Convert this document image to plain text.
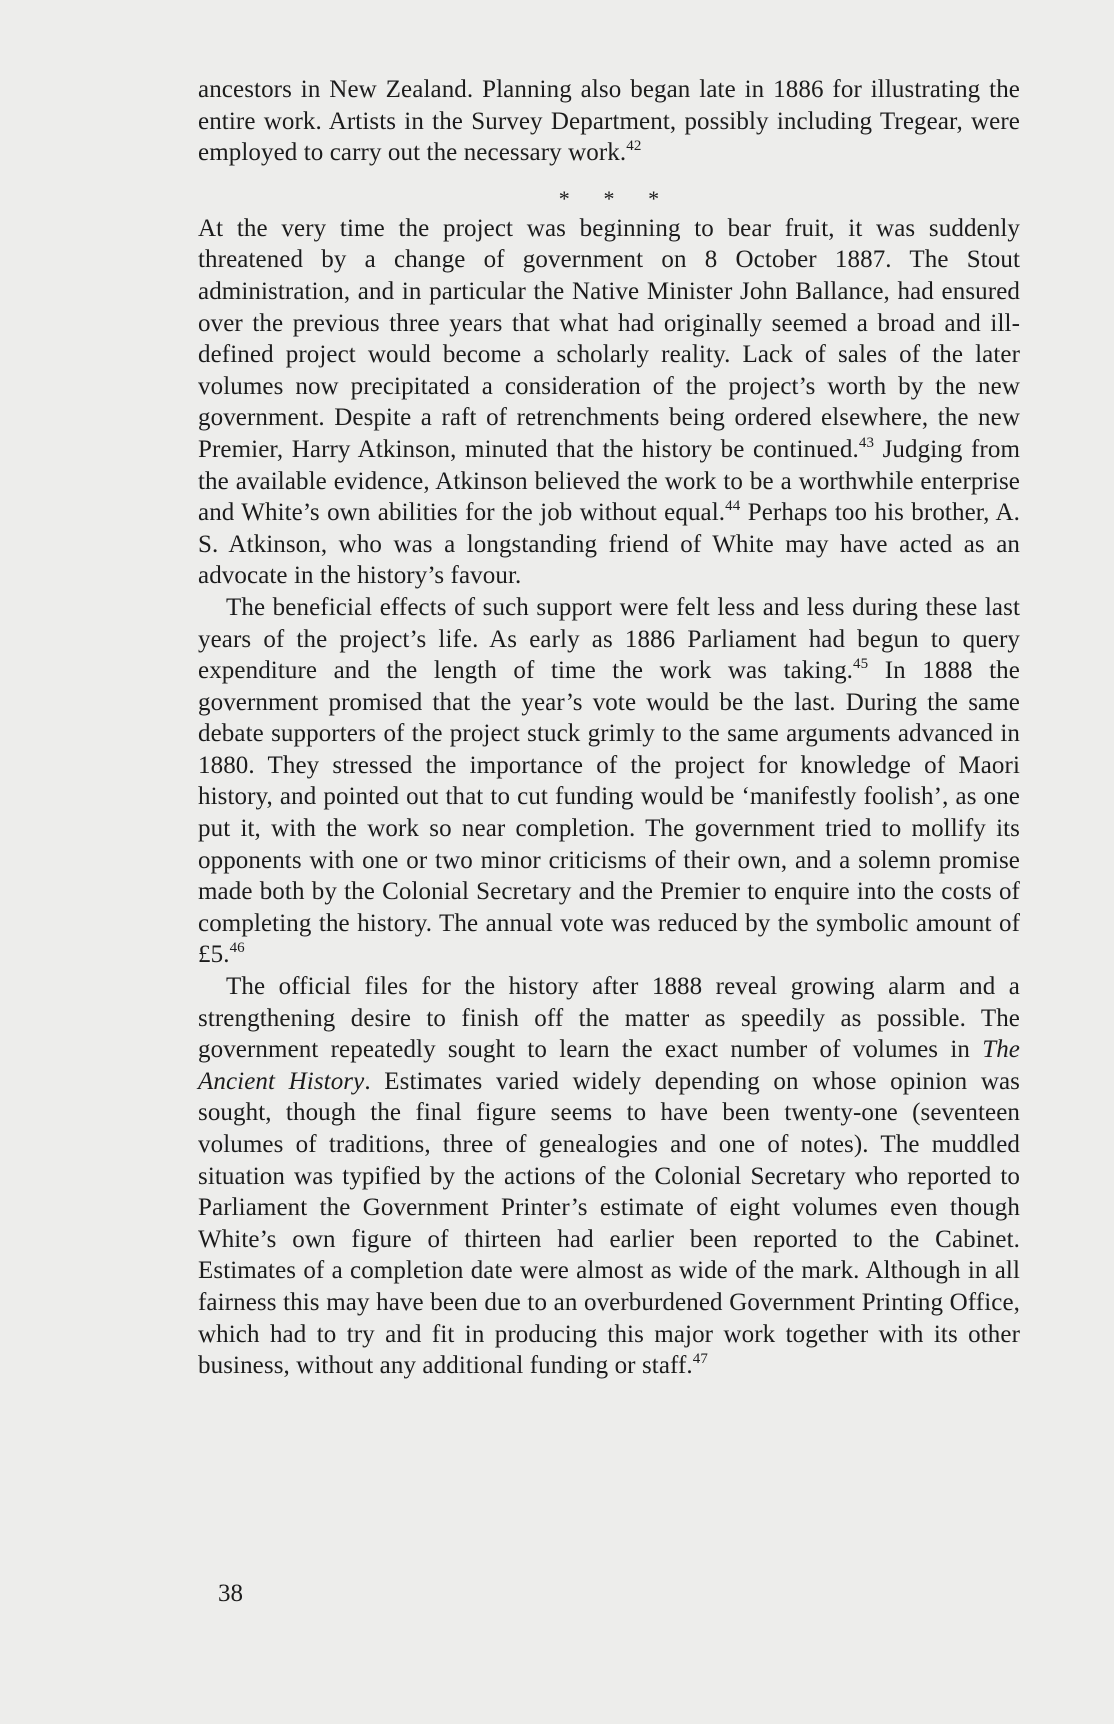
ancestors in New Zealand. Planning also began late in 1886 for illustrating the entire work. Artists in the Survey Department, possibly including Tregear, were employed to carry out the necessary work.$^{42}$

* * *

At the very time the project was beginning to bear fruit, it was suddenly threatened by a change of government on 8 October 1887. The Stout administration, and in particular the Native Minister John Ballance, had ensured over the previous three years that what had originally seemed a broad and ill-defined project would become a scholarly reality. Lack of sales of the later volumes now precipitated a consideration of the project’s worth by the new government. Despite a raft of retrenchments being ordered elsewhere, the new Premier, Harry Atkinson, minuted that the history be continued.$^{43}$ Judging from the available evidence, Atkinson believed the work to be a worthwhile enterprise and White’s own abilities for the job without equal.$^{44}$ Perhaps too his brother, A. S. Atkinson, who was a longstanding friend of White may have acted as an advocate in the history’s favour.

The beneficial effects of such support were felt less and less during these last years of the project’s life. As early as 1886 Parliament had begun to query expenditure and the length of time the work was taking.$^{45}$ In 1888 the government promised that the year’s vote would be the last. During the same debate supporters of the project stuck grimly to the same arguments advanced in 1880. They stressed the importance of the project for knowledge of Maori history, and pointed out that to cut funding would be ‘manifestly foolish’, as one put it, with the work so near completion. The government tried to mollify its opponents with one or two minor criticisms of their own, and a solemn promise made both by the Colonial Secretary and the Premier to enquire into the costs of completing the history. The annual vote was reduced by the symbolic amount of £5.46

The official files for the history after 1888 reveal growing alarm and a strengthening desire to finish off the matter as speedily as possible. The government repeatedly sought to learn the exact number of volumes in The Ancient History. Estimates varied widely depending on whose opinion was sought, though the final figure seems to have been twenty-one (seventeen volumes of traditions, three of genealogies and one of notes). The muddled situation was typified by the actions of the Colonial Secretary who reported to Parliament the Government Printer’s estimate of eight volumes even though White’s own figure of thirteen had earlier been reported to the Cabinet. Estimates of a completion date were almost as wide of the mark. Although in all fairness this may have been due to an overburdened Government Printing Office, which had to try and fit in producing this major work together with its other business, without any additional funding or staff.$^{47}$

38
